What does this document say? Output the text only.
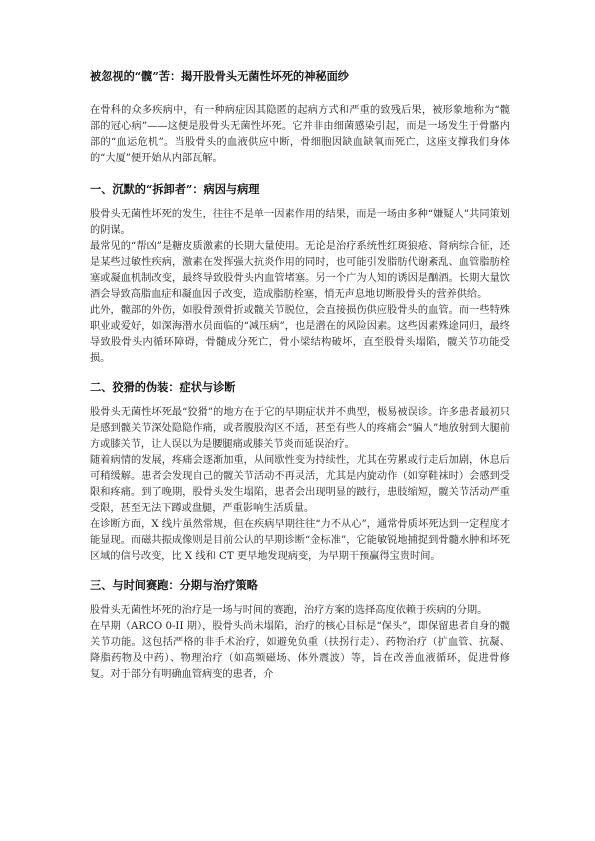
被忽视的“髋”苦：揭开股骨头无菌性坏死的神秘面纱

在骨科的众多疾病中，有一种病症因其隐匿的起病方式和严重的致残后果，被形象地称为“髋部的冠心病”——这便是股骨头无菌性坏死。它并非由细菌感染引起，而是一场发生于骨骼内部的“血运危机”。当股骨头的血液供应中断，骨细胞因缺血缺氧而死亡，这座支撑我们身体的“大厦”便开始从内部瓦解。

一、沉默的“拆卸者”：病因与病理

股骨头无菌性坏死的发生，往往不是单一因素作用的结果，而是一场由多种“嫌疑人”共同策划的阴谋。

最常见的“帮凶”是糖皮质激素的长期大量使用。无论是治疗系统性红斑狼疮、肾病综合征，还是某些过敏性疾病，激素在发挥强大抗炎作用的同时，也可能引发脂肪代谢紊乱、血管脂肪栓塞或凝血机制改变，最终导致股骨头内血管堵塞。另一个广为人知的诱因是酗酒。长期大量饮酒会导致高脂血症和凝血因子改变，造成脂肪栓塞，悄无声息地切断股骨头的营养供给。

此外，髋部的外伤，如股骨颈骨折或髋关节脱位，会直接损伤供应股骨头的血管。而一些特殊职业或爱好，如深海潜水员面临的“减压病”，也是潜在的风险因素。这些因素殊途同归，最终导致股骨头内循环障碍，骨髓成分死亡，骨小梁结构破坏，直至股骨头塌陷，髋关节功能受损。

二、狡猾的伪装：症状与诊断

股骨头无菌性坏死最“狡猾”的地方在于它的早期症状并不典型，极易被误诊。许多患者最初只是感到髋关节深处隐隐作痛，或者腹股沟区不适，甚至有些人的疼痛会“骗人”地放射到大腿前方或膝关节，让人误以为是腰腿痛或膝关节炎而延误治疗。

随着病情的发展，疼痛会逐渐加重，从间歇性变为持续性，尤其在劳累或行走后加剧，休息后可稍缓解。患者会发现自己的髋关节活动不再灵活，尤其是内旋动作（如穿鞋袜时）会感到受限和疼痛。到了晚期，股骨头发生塌陷，患者会出现明显的跛行，患肢缩短，髋关节活动严重受限，甚至无法下蹲或盘腿，严重影响生活质量。

在诊断方面，X 线片虽然常规，但在疾病早期往往“力不从心”，通常骨质坏死达到一定程度才能显现。而磁共振成像则是目前公认的早期诊断“金标准”，它能敏锐地捕捉到骨髓水肿和坏死区域的信号改变，比 X 线和 CT 更早地发现病变，为早期干预赢得宝贵时间。

三、与时间赛跑：分期与治疗策略

股骨头无菌性坏死的治疗是一场与时间的赛跑，治疗方案的选择高度依赖于疾病的分期。

在早期（ARCO 0-II 期），股骨头尚未塌陷，治疗的核心目标是“保头”，即保留患者自身的髋关节功能。这包括严格的非手术治疗，如避免负重（扶拐行走）、药物治疗（扩血管、抗凝、降脂药物及中药）、物理治疗（如高频磁场、体外震波）等，旨在改善血液循环，促进骨修复。对于部分有明确血管病变的患者，介
